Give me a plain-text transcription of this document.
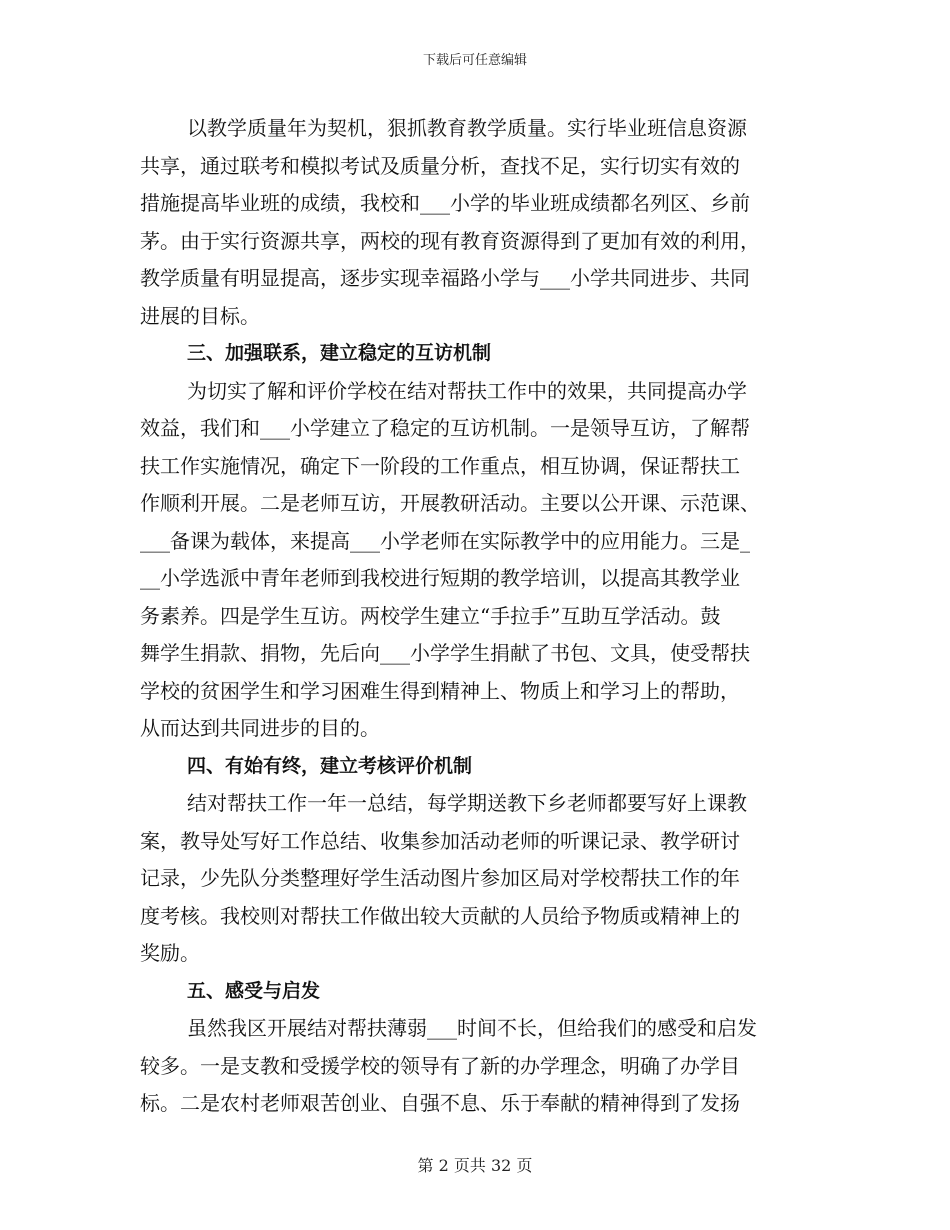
下载后可任意编辑
以教学质量年为契机，狠抓教育教学质量。实行毕业班信息资源
共享，通过联考和模拟考试及质量分析，查找不足，实行切实有效的
措施提高毕业班的成绩，我校和___小学的毕业班成绩都名列区、乡前
茅。由于实行资源共享，两校的现有教育资源得到了更加有效的利用，
教学质量有明显提高，逐步实现幸福路小学与___小学共同进步、共同
进展的目标。
三、加强联系，建立稳定的互访机制
为切实了解和评价学校在结对帮扶工作中的效果，共同提高办学
效益，我们和___小学建立了稳定的互访机制。一是领导互访，了解帮
扶工作实施情况，确定下一阶段的工作重点，相互协调，保证帮扶工
作顺利开展。二是老师互访，开展教研活动。主要以公开课、示范课、
___备课为载体，来提高___小学老师在实际教学中的应用能力。三是_
__小学选派中青年老师到我校进行短期的教学培训，以提高其教学业
务素养。四是学生互访。两校学生建立“手拉手”互助互学活动。鼓
舞学生捐款、捐物，先后向___小学学生捐献了书包、文具，使受帮扶
学校的贫困学生和学习困难生得到精神上、物质上和学习上的帮助，
从而达到共同进步的目的。
四、有始有终，建立考核评价机制
结对帮扶工作一年一总结，每学期送教下乡老师都要写好上课教
案，教导处写好工作总结、收集参加活动老师的听课记录、教学研讨
记录，少先队分类整理好学生活动图片参加区局对学校帮扶工作的年
度考核。我校则对帮扶工作做出较大贡献的人员给予物质或精神上的
奖励。
五、感受与启发
虽然我区开展结对帮扶薄弱___时间不长，但给我们的感受和启发
较多。一是支教和受援学校的领导有了新的办学理念，明确了办学目
标。二是农村老师艰苦创业、自强不息、乐于奉献的精神得到了发扬
第 2 页共 32 页
